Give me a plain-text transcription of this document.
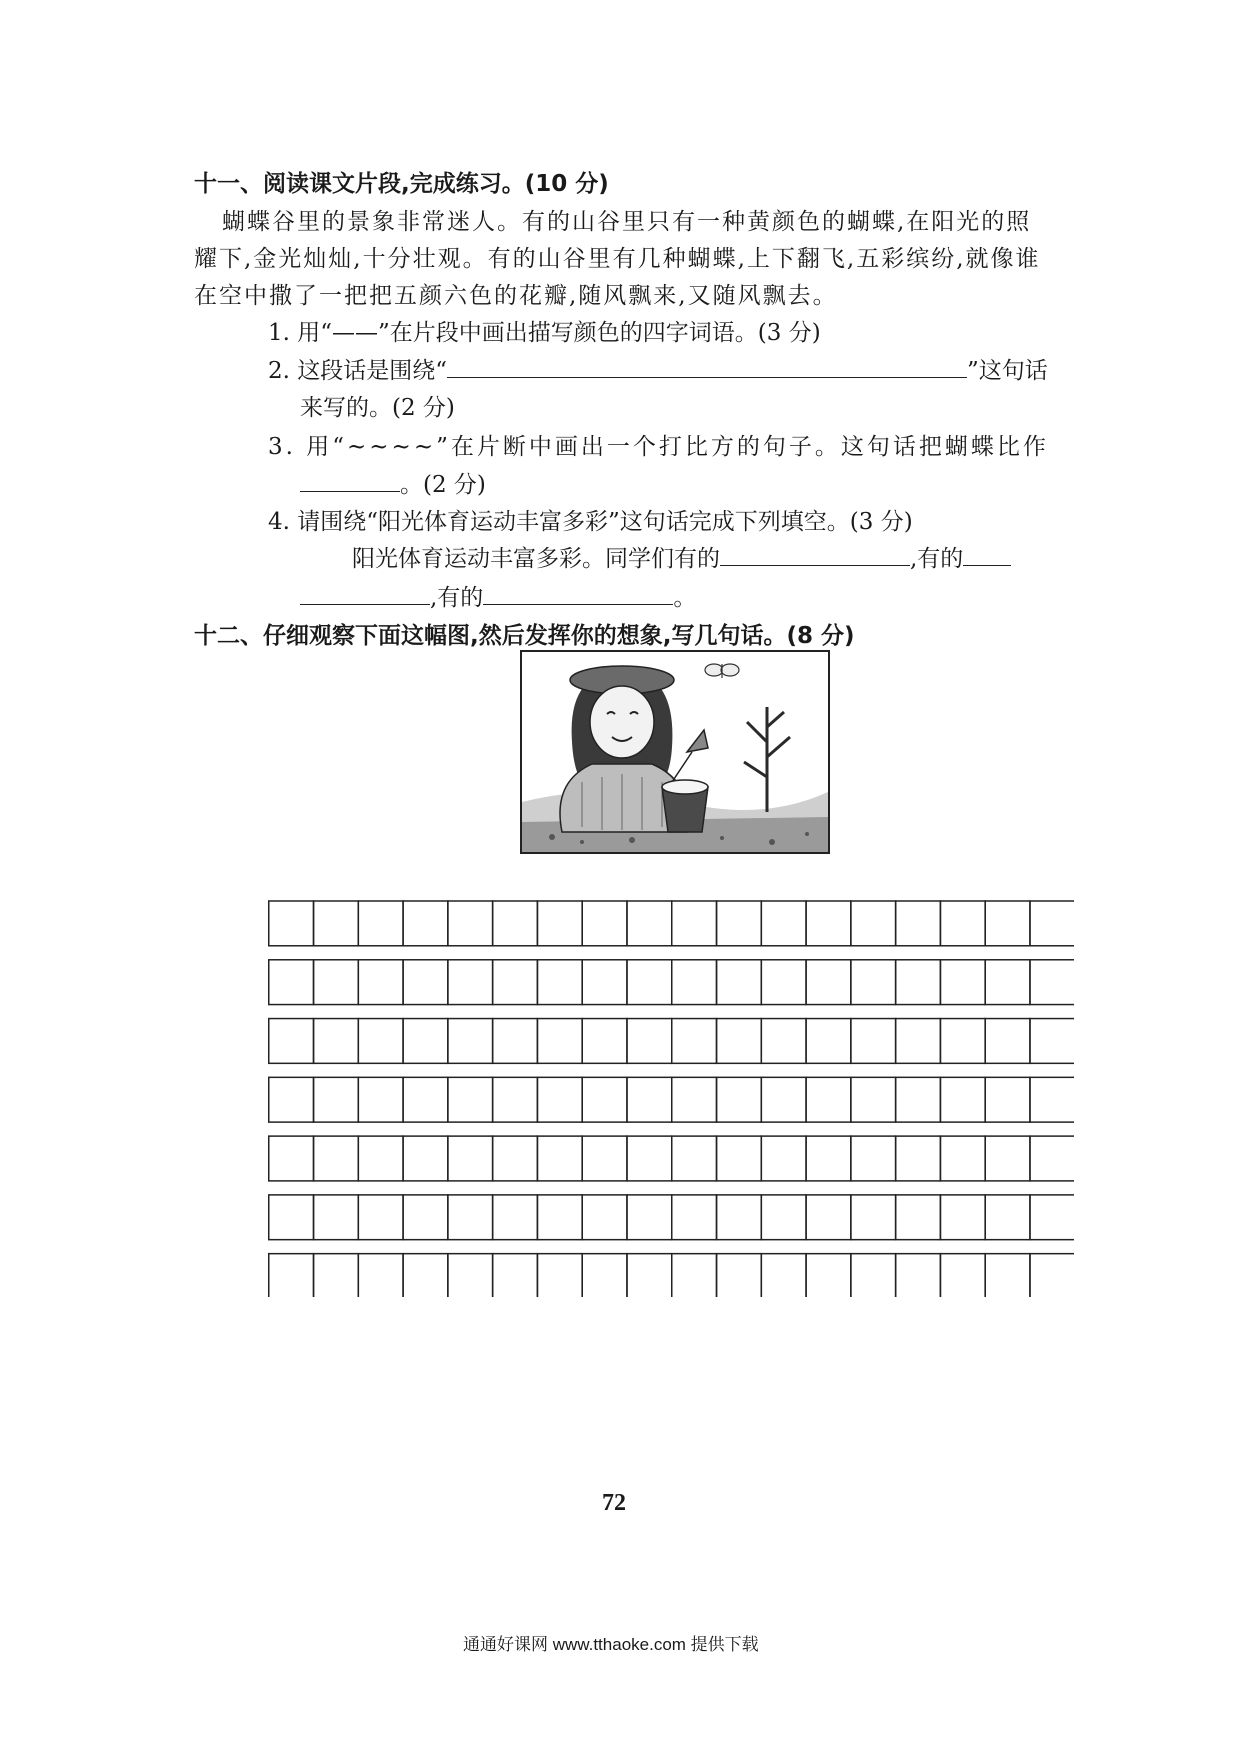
十一、阅读课文片段,完成练习。(10 分)
蝴蝶谷里的景象非常迷人。有的山谷里只有一种黄颜色的蝴蝶,在阳光的照
耀下,金光灿灿,十分壮观。有的山谷里有几种蝴蝶,上下翻飞,五彩缤纷,就像谁
在空中撒了一把把五颜六色的花瓣,随风飘来,又随风飘去。
1. 用“——”在片段中画出描写颜色的四字词语。(3 分)
2. 这段话是围绕“	”这句话
来写的。(2 分)
3. 用“~~~~”在片断中画出一个打比方的句子。这句话把蝴蝶比作
。(2 分)
4. 请围绕“阳光体育运动丰富多彩”这句话完成下列填空。(3 分)
阳光体育运动丰富多彩。同学们有的	,有的
,有的	。
十二、仔细观察下面这幅图,然后发挥你的想象,写几句话。(8 分)
72
通通好课网 www.tthaoke.com 提供下载
